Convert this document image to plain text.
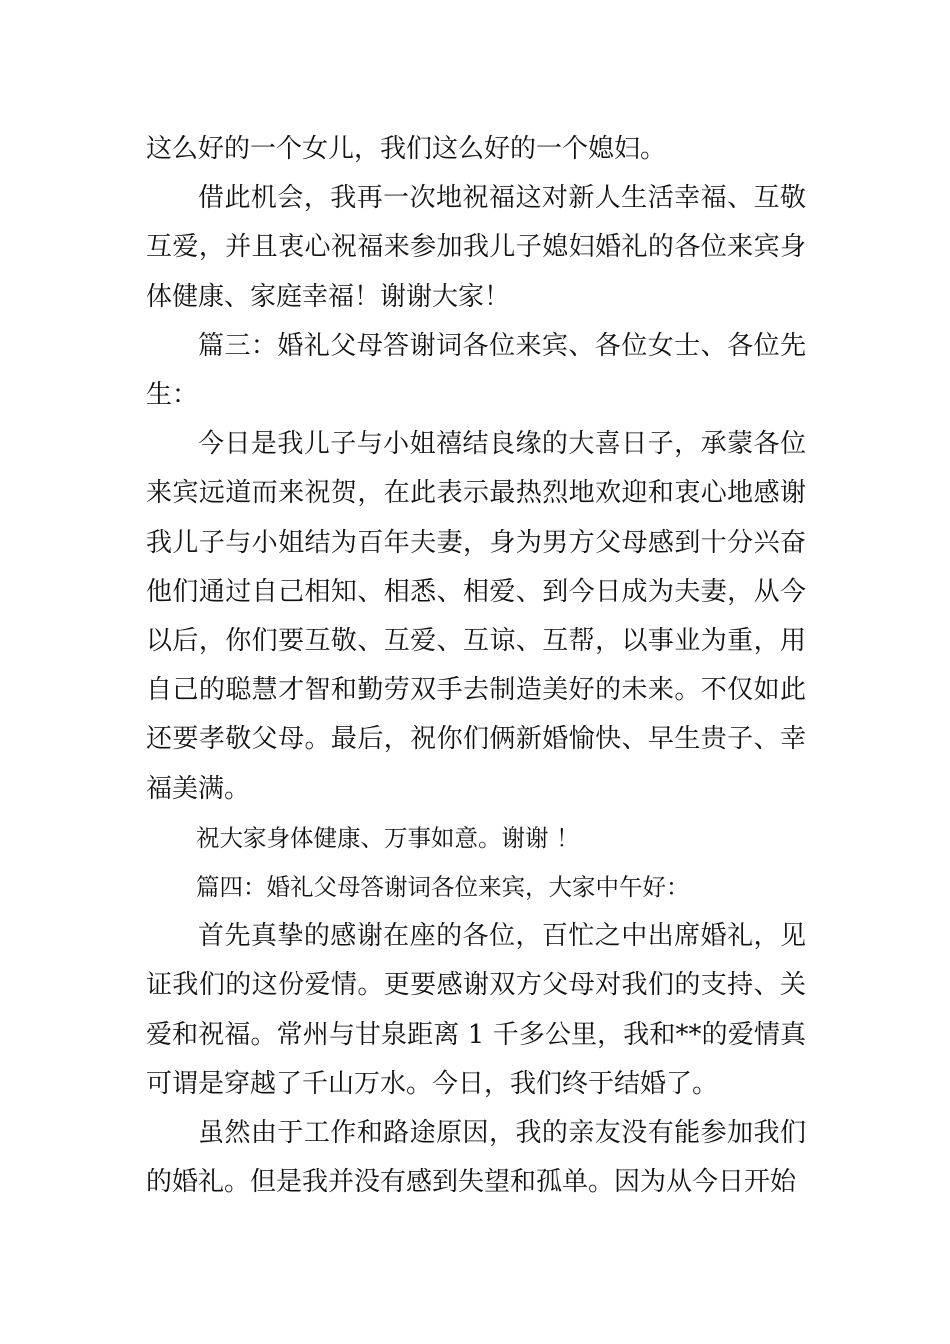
这么好的一个女儿，我们这么好的一个媳妇。

借此机会，我再一次地祝福这对新人生活幸福、互敬互爱，并且衷心祝福来参加我儿子媳妇婚礼的各位来宾身体健康、家庭幸福！谢谢大家！

篇三：婚礼父母答谢词各位来宾、各位女士、各位先生：

今日是我儿子与小姐禧结良缘的大喜日子，承蒙各位来宾远道而来祝贺，在此表示最热烈地欢迎和衷心地感谢我儿子与小姐结为百年夫妻，身为男方父母感到十分兴奋他们通过自己相知、相悉、相爱、到今日成为夫妻，从今以后，你们要互敬、互爱、互谅、互帮，以事业为重，用自己的聪慧才智和勤劳双手去制造美好的未来。不仅如此还要孝敬父母。最后，祝你们俩新婚愉快、早生贵子、幸福美满。

祝大家身体健康、万事如意。谢谢 ！

篇四：婚礼父母答谢词各位来宾，大家中午好：

首先真挚的感谢在座的各位，百忙之中出席婚礼，见证我们的这份爱情。更要感谢双方父母对我们的支持、关爱和祝福。常州与甘泉距离 1 千多公里，我和**的爱情真可谓是穿越了千山万水。今日，我们终于结婚了。

虽然由于工作和路途原因，我的亲友没有能参加我们的婚礼。但是我并没有感到失望和孤单。因为从今日开始
